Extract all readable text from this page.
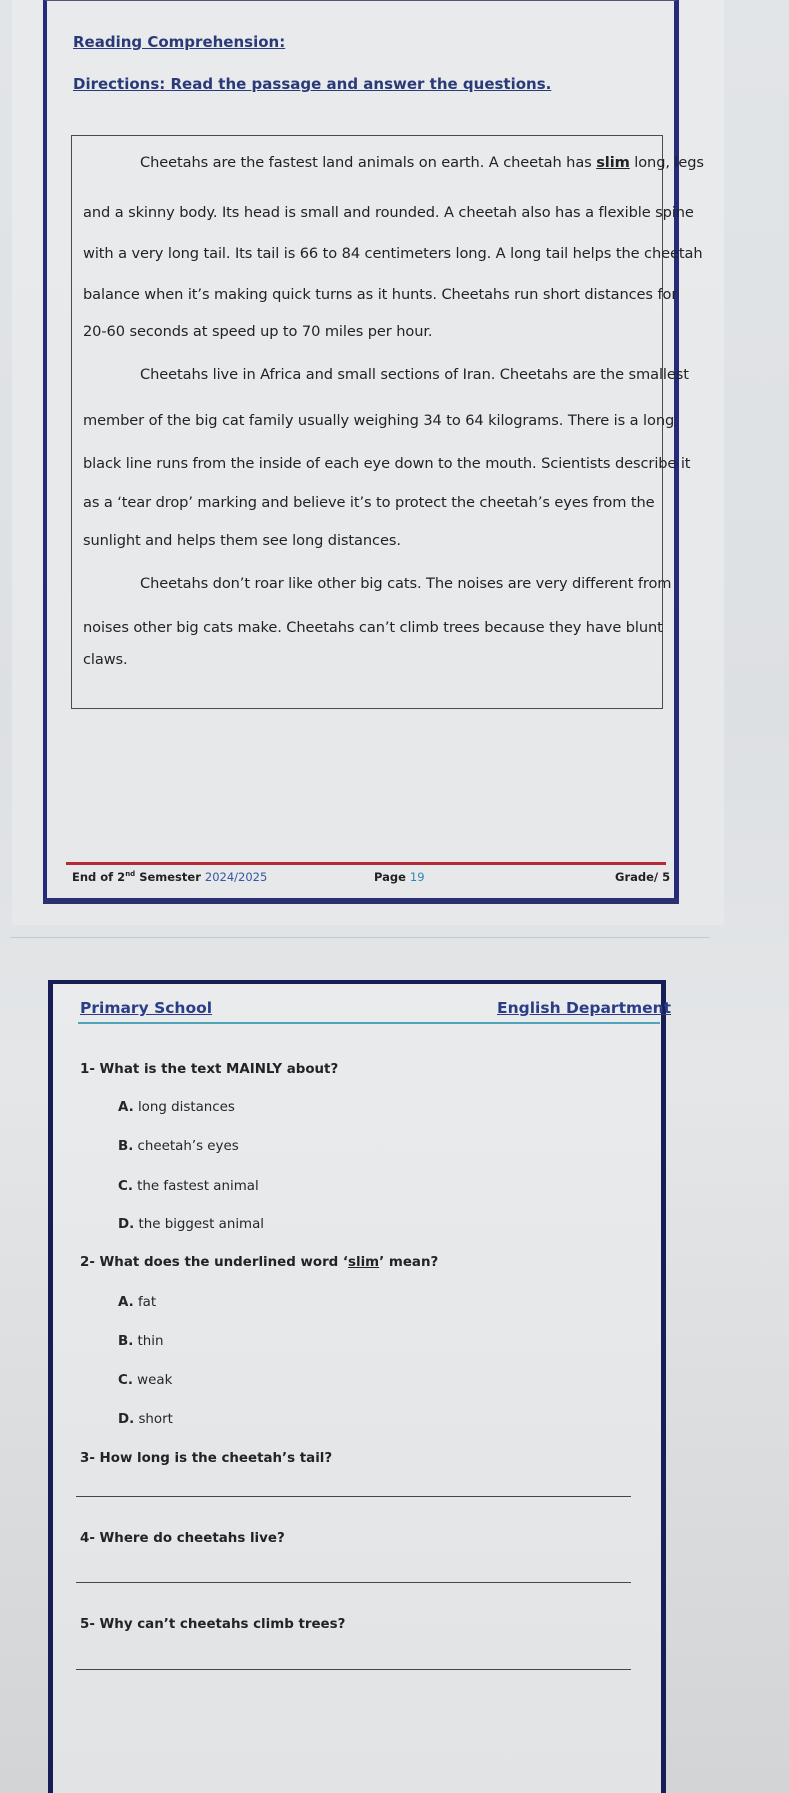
Reading Comprehension:
Directions: Read the passage and answer the questions.
Cheetahs are the fastest land animals on earth. A cheetah has slim long, legs
and a skinny body. Its head is small and rounded. A cheetah also has a flexible spine
with a very long tail. Its tail is 66 to 84 centimeters long. A long tail helps the cheetah
balance when it’s making quick turns as it hunts. Cheetahs run short distances for
20-60 seconds at speed up to 70 miles per hour.
Cheetahs live in Africa and small sections of Iran. Cheetahs are the smallest
member of the big cat family usually weighing 34 to 64 kilograms. There is a long
black line runs from the inside of each eye down to the mouth. Scientists describe it
as a ‘tear drop’ marking and believe it’s to protect the cheetah’s eyes from the
sunlight and helps them see long distances.
Cheetahs don’t roar like other big cats. The noises are very different from
noises other big cats make. Cheetahs can’t climb trees because they have blunt
claws.
End of 2nd Semester 2024/2025	Page 19	Grade/ 5
Primary School	English Department
1- What is the text MAINLY about?
A. long distances
B. cheetah’s eyes
C. the fastest animal
D. the biggest animal
2- What does the underlined word ‘slim’ mean?
A. fat
B. thin
C. weak
D. short
3- How long is the cheetah’s tail?
4- Where do cheetahs live?
5- Why can’t cheetahs climb trees?
